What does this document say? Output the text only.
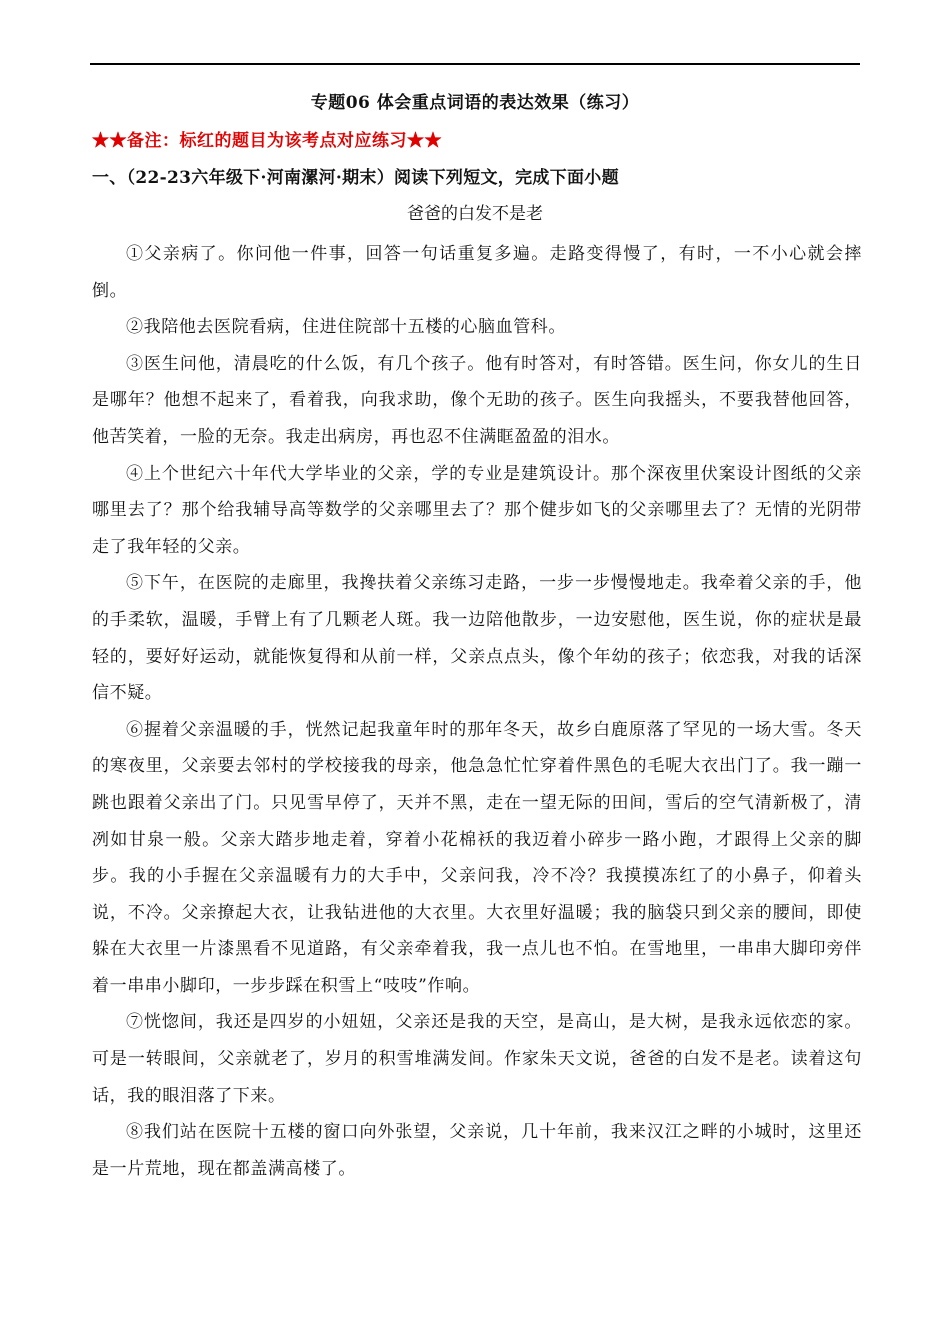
专题06 体会重点词语的表达效果（练习）
★★备注：标红的题目为该考点对应练习★★
一、（22-23六年级下·河南漯河·期末）阅读下列短文，完成下面小题
爸爸的白发不是老

①父亲病了。你问他一件事，回答一句话重复多遍。走路变得慢了，有时，一不小心就会摔倒。

②我陪他去医院看病，住进住院部十五楼的心脑血管科。

③医生问他，清晨吃的什么饭，有几个孩子。他有时答对，有时答错。医生问，你女儿的生日是哪年？他想不起来了，看着我，向我求助，像个无助的孩子。医生向我摇头，不要我替他回答，他苦笑着，一脸的无奈。我走出病房，再也忍不住满眶盈盈的泪水。

④上个世纪六十年代大学毕业的父亲，学的专业是建筑设计。那个深夜里伏案设计图纸的父亲哪里去了？那个给我辅导高等数学的父亲哪里去了？那个健步如飞的父亲哪里去了？无情的光阴带走了我年轻的父亲。

⑤下午，在医院的走廊里，我搀扶着父亲练习走路，一步一步慢慢地走。我牵着父亲的手，他的手柔软，温暖，手臂上有了几颗老人斑。我一边陪他散步，一边安慰他，医生说，你的症状是最轻的，要好好运动，就能恢复得和从前一样，父亲点点头，像个年幼的孩子；依恋我，对我的话深信不疑。

⑥握着父亲温暖的手，恍然记起我童年时的那年冬天，故乡白鹿原落了罕见的一场大雪。冬天的寒夜里，父亲要去邻村的学校接我的母亲，他急急忙忙穿着件黑色的毛呢大衣出门了。我一蹦一跳也跟着父亲出了门。只见雪早停了，天并不黑，走在一望无际的田间，雪后的空气清新极了，清冽如甘泉一般。父亲大踏步地走着，穿着小花棉袄的我迈着小碎步一路小跑，才跟得上父亲的脚步。我的小手握在父亲温暖有力的大手中，父亲问我，冷不冷？我摸摸冻红了的小鼻子，仰着头说，不冷。父亲撩起大衣，让我钻进他的大衣里。大衣里好温暖；我的脑袋只到父亲的腰间，即使躲在大衣里一片漆黑看不见道路，有父亲牵着我，我一点儿也不怕。在雪地里，一串串大脚印旁伴着一串串小脚印，一步步踩在积雪上“吱吱”作响。

⑦恍惚间，我还是四岁的小妞妞，父亲还是我的天空，是高山，是大树，是我永远依恋的家。可是一转眼间，父亲就老了，岁月的积雪堆满发间。作家朱天文说，爸爸的白发不是老。读着这句话，我的眼泪落了下来。

⑧我们站在医院十五楼的窗口向外张望，父亲说，几十年前，我来汉江之畔的小城时，这里还是一片荒地，现在都盖满高楼了。
